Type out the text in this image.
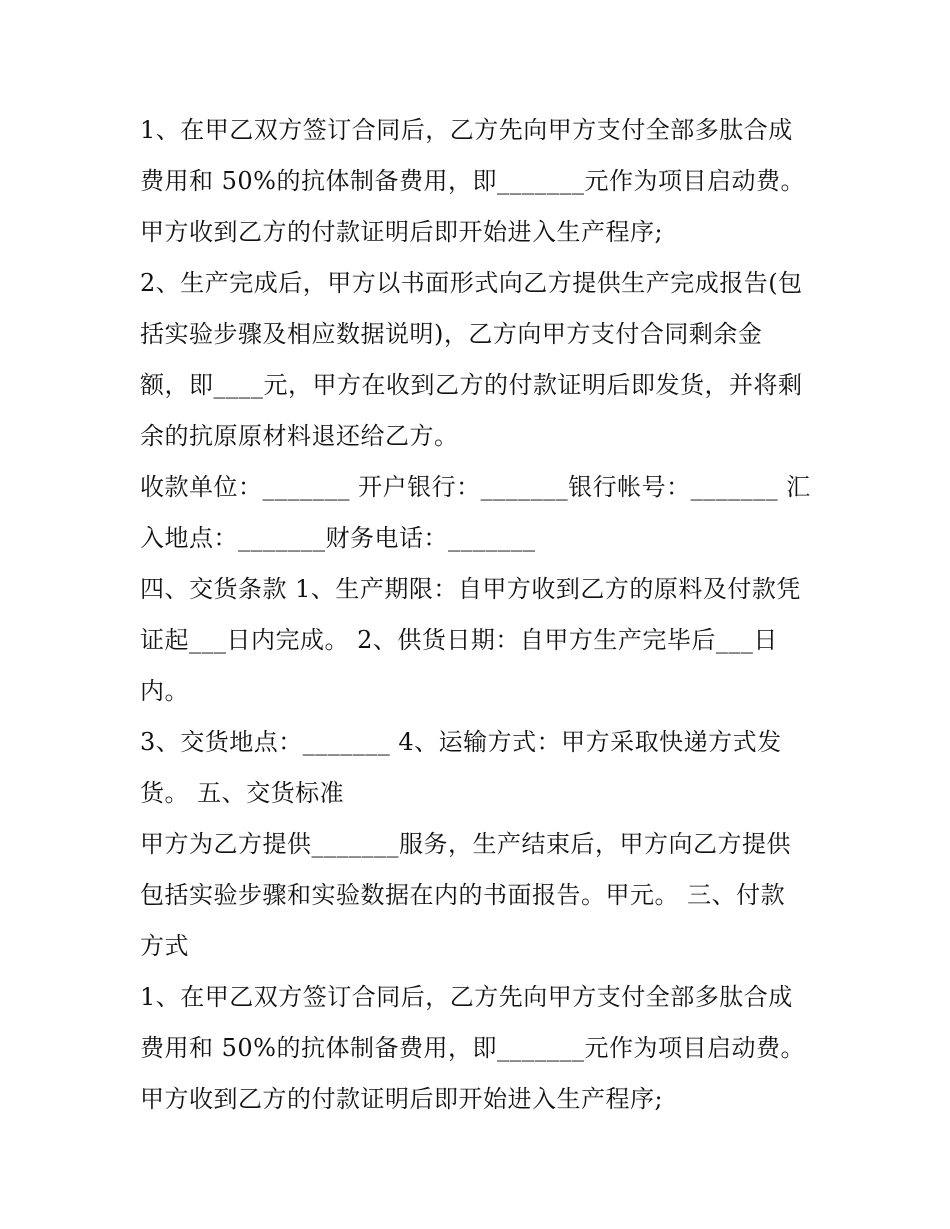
1、在甲乙双方签订合同后，乙方先向甲方支付全部多肽合成
费用和 50%的抗体制备费用，即_______元作为项目启动费。
甲方收到乙方的付款证明后即开始进入生产程序;
2、生产完成后，甲方以书面形式向乙方提供生产完成报告(包
括实验步骤及相应数据说明)，乙方向甲方支付合同剩余金
额，即____元，甲方在收到乙方的付款证明后即发货，并将剩
余的抗原原材料退还给乙方。
收款单位：_______ 开户银行：_______银行帐号：_______ 汇
入地点：_______财务电话：_______
四、交货条款 1、生产期限：自甲方收到乙方的原料及付款凭
证起___日内完成。 2、供货日期：自甲方生产完毕后___日
内。
3、交货地点：_______ 4、运输方式：甲方采取快递方式发
货。 五、交货标准
甲方为乙方提供_______服务，生产结束后，甲方向乙方提供
包括实验步骤和实验数据在内的书面报告。甲元。 三、付款
方式
1、在甲乙双方签订合同后，乙方先向甲方支付全部多肽合成
费用和 50%的抗体制备费用，即_______元作为项目启动费。
甲方收到乙方的付款证明后即开始进入生产程序;
